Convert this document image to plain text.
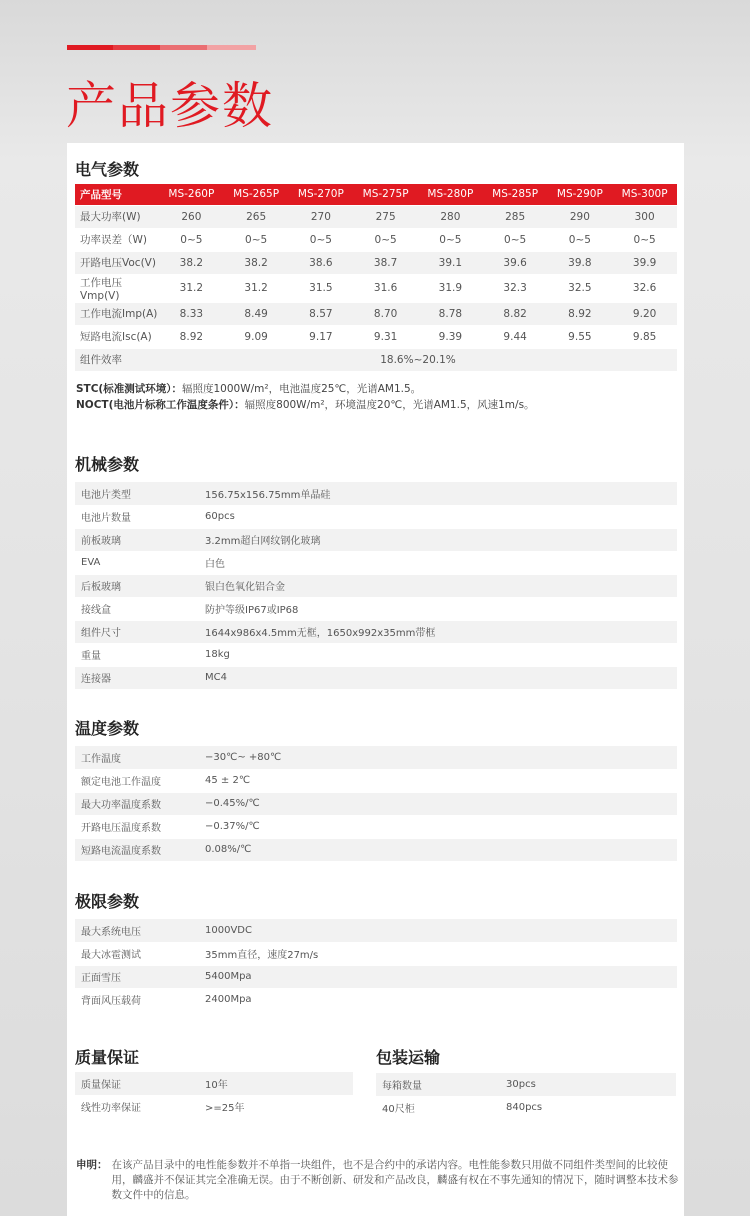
产品参数
电气参数
产品型号	MS-260P	MS-265P	MS-270P	MS-275P	MS-280P	MS-285P	MS-290P	MS-300P
最大功率(W)	260	265	270	275	280	285	290	300
功率误差（W)	0~5	0~5	0~5	0~5	0~5	0~5	0~5	0~5
开路电压Voc(V)	38.2	38.2	38.6	38.7	39.1	39.6	39.8	39.9
工作电压Vmp(V)	31.2	31.2	31.5	31.6	31.9	32.3	32.5	32.6
工作电流Imp(A)	8.33	8.49	8.57	8.70	8.78	8.82	8.92	9.20
短路电流Isc(A)	8.92	9.09	9.17	9.31	9.39	9.44	9.55	9.85
组件效率	18.6%~20.1%							
STC(标准测试环境）：辐照度1000W/m²，电池温度25℃，光谱AM1.5。
NOCT(电池片标称工作温度条件）：辐照度800W/m²，环境温度20℃，光谱AM1.5，风速1m/s。
机械参数
电池片类型	156.75x156.75mm单晶硅
电池片数量	60pcs
前板玻璃	3.2mm超白网纹钢化玻璃
EVA	白色
后板玻璃	银白色氧化铝合金
接线盒	防护等级IP67或IP68
组件尺寸	1644x986x4.5mm无框，1650x992x35mm带框
重量	18kg
连接器	MC4
温度参数
工作温度	−30℃~ +80℃
额定电池工作温度	45 ± 2℃
最大功率温度系数	−0.45%/℃
开路电压温度系数	−0.37%/℃
短路电流温度系数	0.08%/℃
极限参数
最大系统电压	1000VDC
最大冰雹测试	35mm直径，速度27m/s
正面雪压	5400Mpa
背面风压载荷	2400Mpa
质量保证
质量保证	10年
线性功率保证	>=25年
包装运输
每箱数量	30pcs
40尺柜	840pcs
申明： 在该产品目录中的电性能参数并不单指一块组件，也不是合约中的承诺内容。电性能参数只用做不同组件类型间的比较使用，麟盛并不保证其完全准确无误。由于不断创新、研发和产品改良，麟盛有权在不事先通知的情况下，随时调整本技术参数文件中的信息。
